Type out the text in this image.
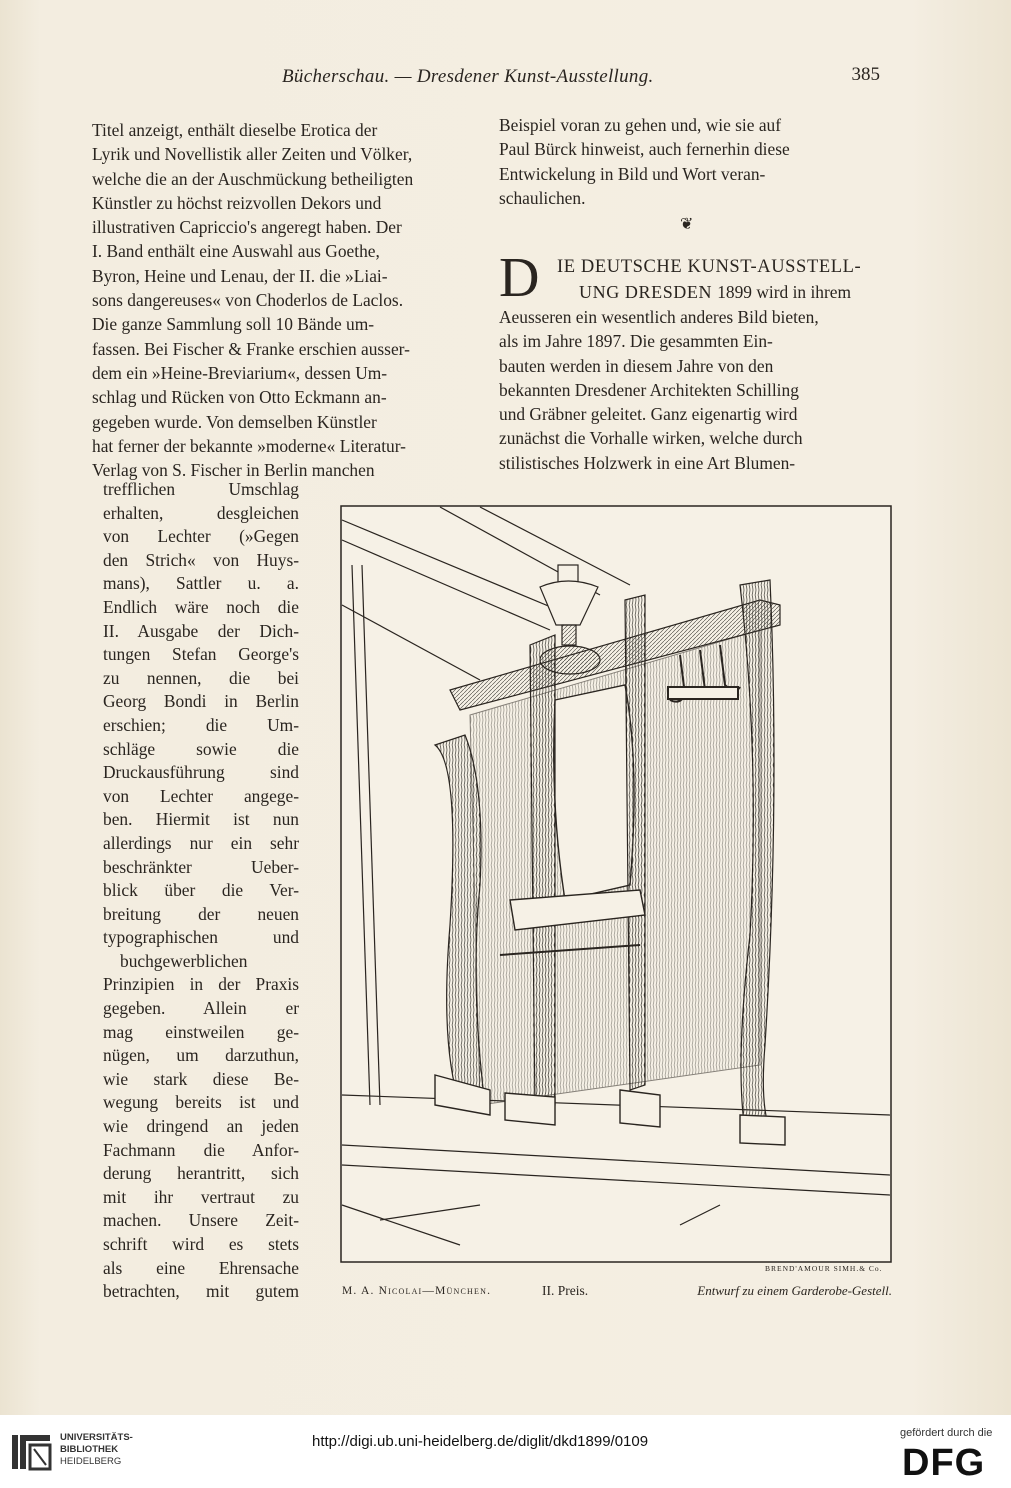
Bücherschau. — Dresdener Kunst-Ausstellung.	385

Titel anzeigt, enthält dieselbe Erotica der

Lyrik und Novellistik aller Zeiten und Völker,

welche die an der Auschmückung betheiligten

Künstler zu höchst reizvollen Dekors und

illustrativen Capriccio's angeregt haben. Der

I. Band enthält eine Auswahl aus Goethe,

Byron, Heine und Lenau, der II. die »Liai-

sons dangereuses« von Choderlos de Laclos.

Die ganze Sammlung soll 10 Bände um-

fassen. Bei Fischer & Franke erschien ausser-

dem ein »Heine-Breviarium«, dessen Um-

schlag und Rücken von Otto Eckmann an-

gegeben wurde. Von demselben Künstler

hat ferner der bekannte »moderne« Literatur-

Verlag von S. Fischer in Berlin manchen

trefflichen Umschlag
erhalten, desgleichen
von Lechter (»Gegen
den Strich« von Huys-
mans), Sattler u. a.
Endlich wäre noch die
II. Ausgabe der Dich-
tungen Stefan George's
zu nennen, die bei
Georg Bondi in Berlin
erschien; die Um-
schläge sowie die
Druckausführung sind
von Lechter angege-
ben. Hiermit ist nun
allerdings nur ein sehr
beschränkter Ueber-
blick über die Ver-
breitung der neuen
typographischen und
buchgewerblichen
Prinzipien in der Praxis
gegeben. Allein er
mag einstweilen ge-
nügen, um darzuthun,
wie stark diese Be-
wegung bereits ist und
wie dringend an jeden
Fachmann die Anfor-
derung herantritt, sich
mit ihr vertraut zu
machen. Unsere Zeit-
schrift wird es stets
als eine Ehrensache
betrachten, mit gutem

Beispiel voran zu gehen und, wie sie auf

Paul Bürck hinweist, auch fernerhin diese

Entwickelung in Bild und Wort veran-

schaulichen.

❦
D IE DEUTSCHE KUNST-AUSSTELL-
UNG DRESDEN 1899 wird in ihrem

Aeusseren ein wesentlich anderes Bild bieten,

als im Jahre 1897. Die gesammten Ein-

bauten werden in diesem Jahre von den

bekannten Dresdener Architekten Schilling

und Gräbner geleitet. Ganz eigenartig wird

zunächst die Vorhalle wirken, welche durch

stilistisches Holzwerk in eine Art Blumen-

BREND'AMOUR SIMH.& Co.
M. A. Nicolai—München.	II. Preis.	Entwurf zu einem Garderobe-Gestell.
UNIVERSITÄTS-
BIBLIOTHEK
HEIDELBERG
http://digi.ub.uni-heidelberg.de/diglit/dkd1899/0109	gefördert durch die
DFG
